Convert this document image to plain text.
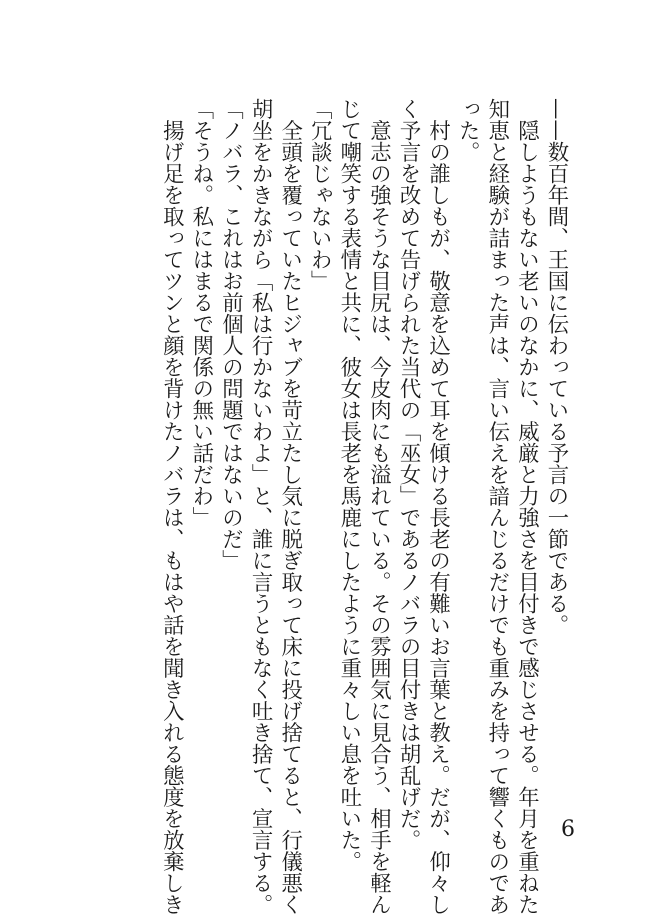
——数百年間、王国に伝わっている予言の一節である。
　隠しようもない老いのなかに、威厳と力強さを目付きで感じさせる。年月を重ねた
知恵と経験が詰まった声は、言い伝えを諳んじるだけでも重みを持って響くものであ
った。
　村の誰しもが、敬意を込めて耳を傾ける長老の有難いお言葉と教え。だが、仰々し
く予言を改めて告げられた当代の「巫女」であるノバラの目付きは胡乱げだ。
　意志の強そうな目尻は、今皮肉にも溢れている。その雰囲気に見合う、相手を軽ん
じて嘲笑する表情と共に、彼女は長老を馬鹿にしたように重々しい息を吐いた。
「冗談じゃないわ」
　全頭を覆っていたヒジャブを苛立たし気に脱ぎ取って床に投げ捨てると、行儀悪く
胡坐をかきながら「私は行かないわよ」と、誰に言うともなく吐き捨て、宣言する。
「ノバラ、これはお前個人の問題ではないのだ」
「そうね。私にはまるで関係の無い話だわ」
　揚げ足を取ってツンと顔を背けたノバラは、もはや話を聞き入れる態度を放棄しき	6
